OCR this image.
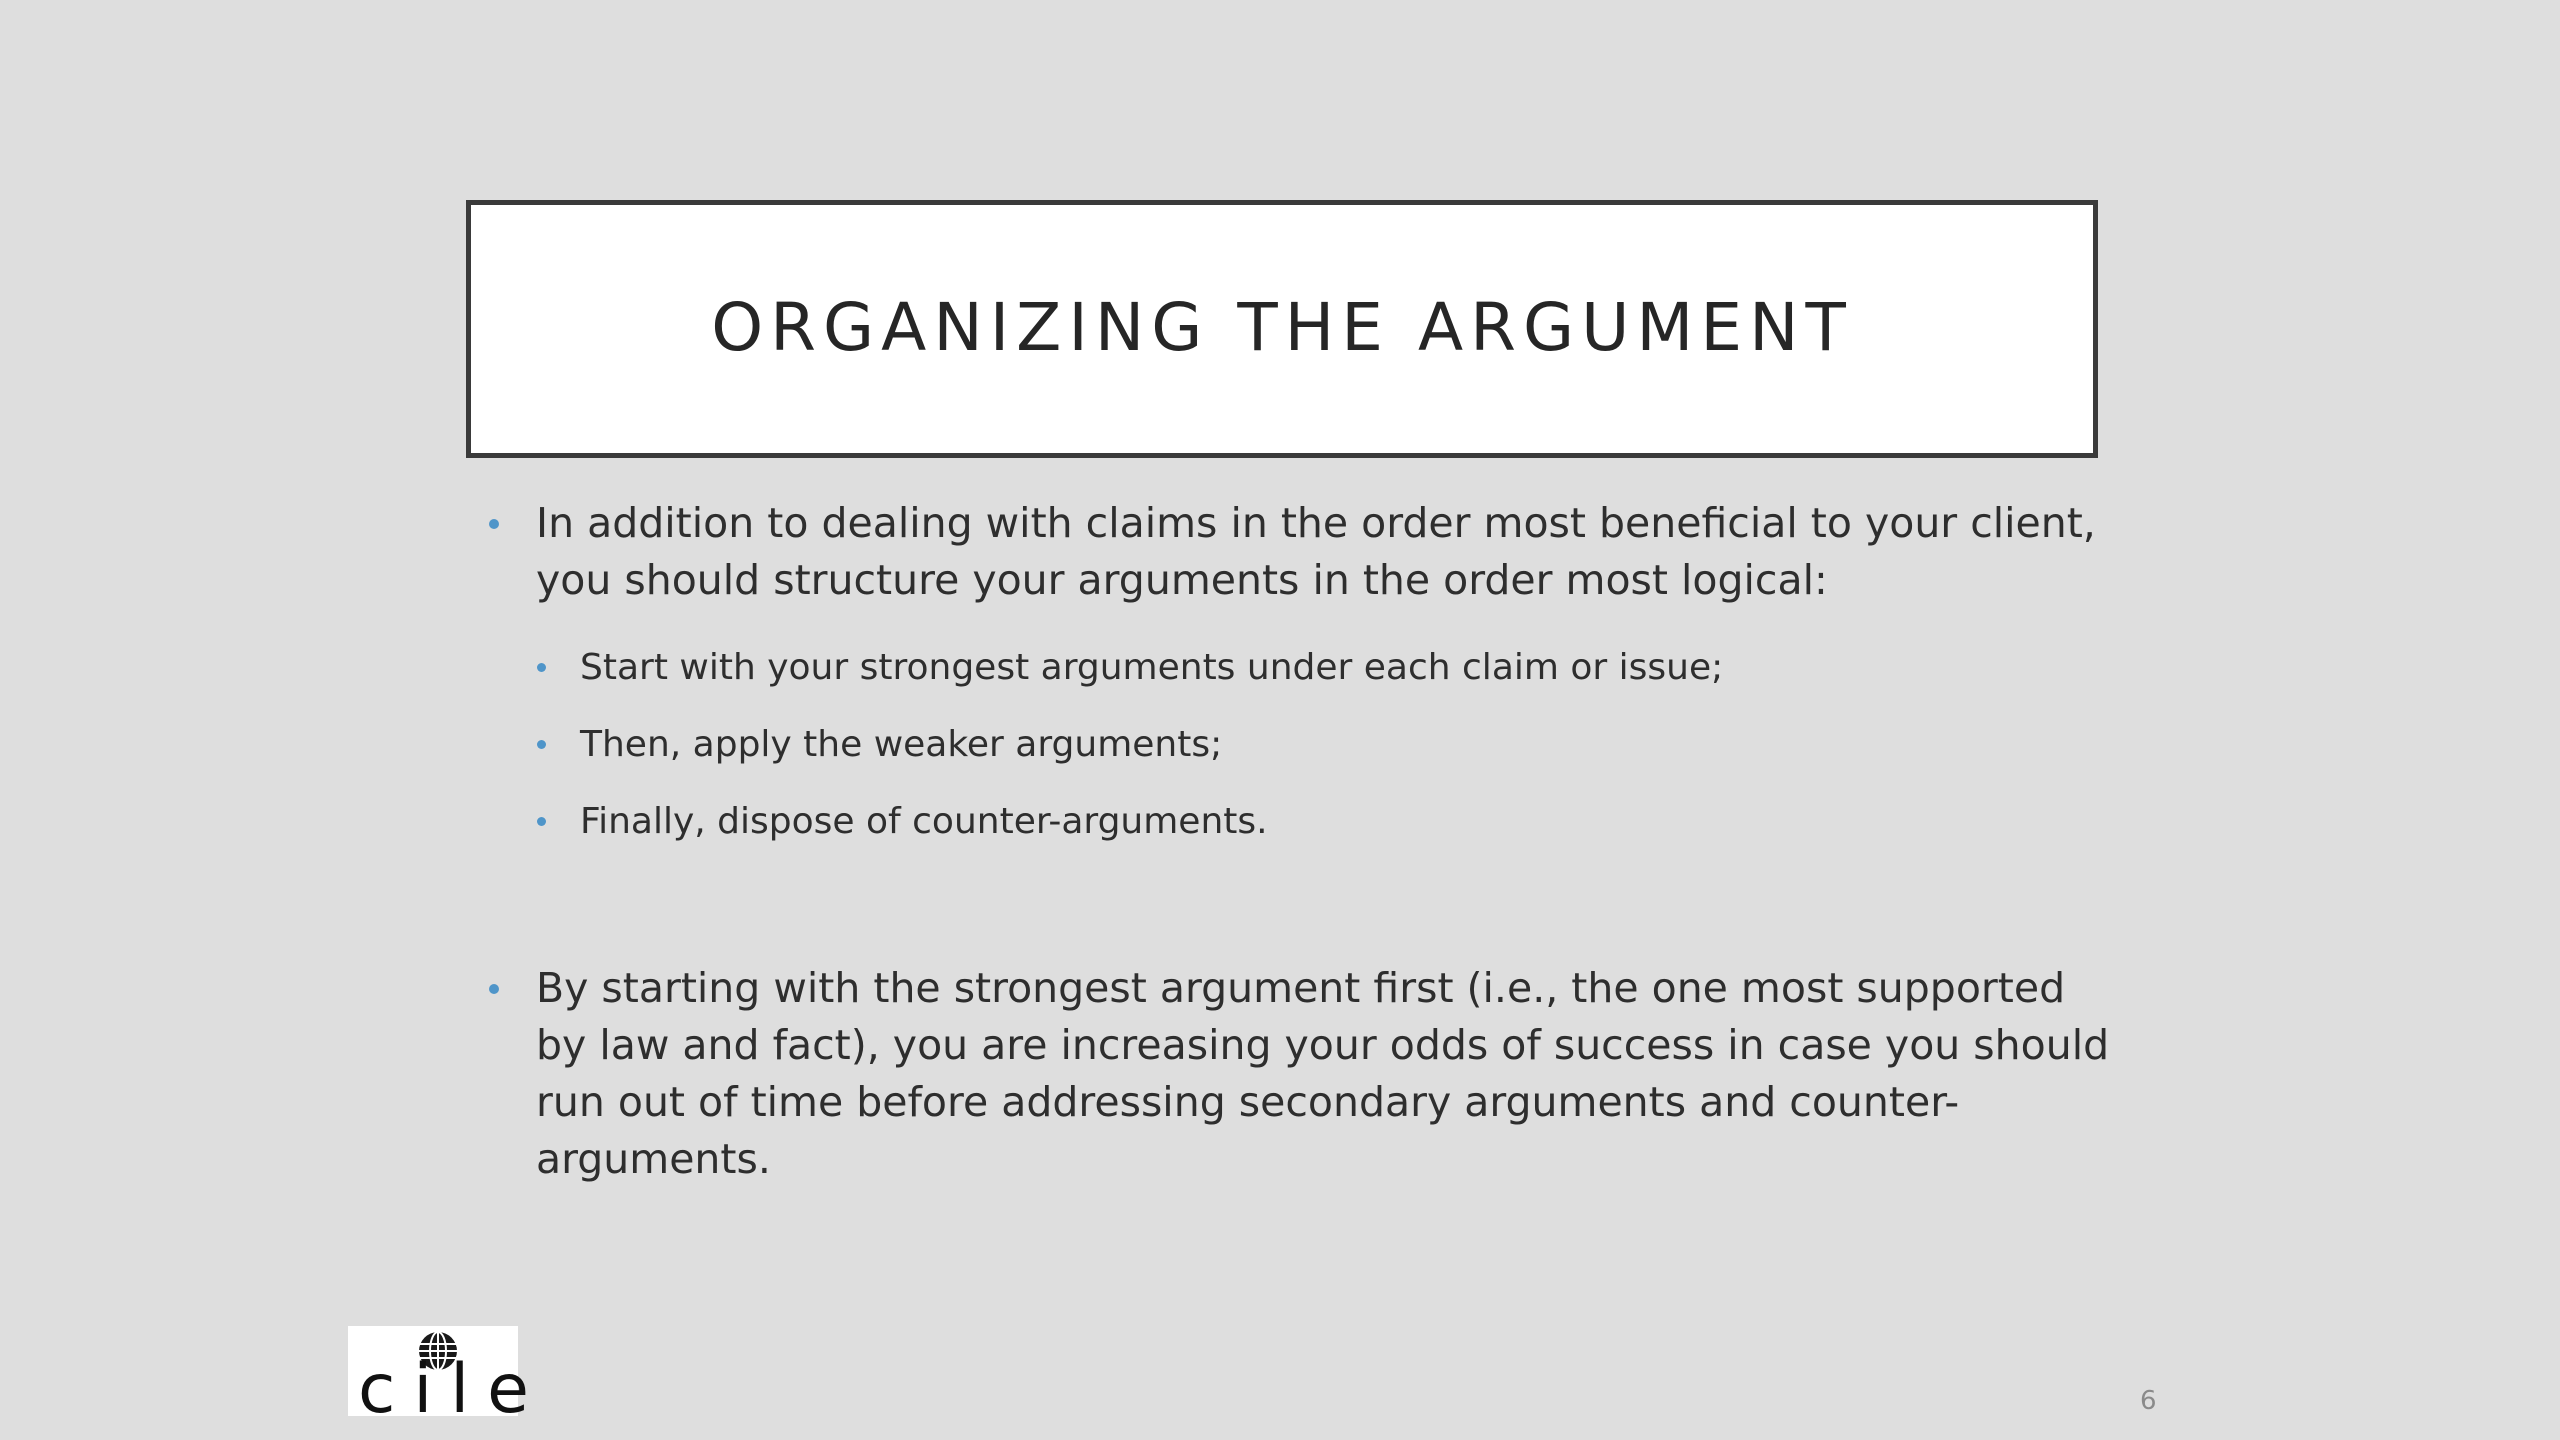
ORGANIZING THE ARGUMENT
In addition to dealing with claims in the order most beneficial to your client, you should structure your arguments in the order most logical:
Start with your strongest arguments under each claim or issue;
Then, apply the weaker arguments;
Finally, dispose of counter-arguments.
By starting with the strongest argument first (i.e., the one most supported by law and fact), you are increasing your odds of success in case you should run out of time before addressing secondary arguments and counter-arguments.
cile	6
